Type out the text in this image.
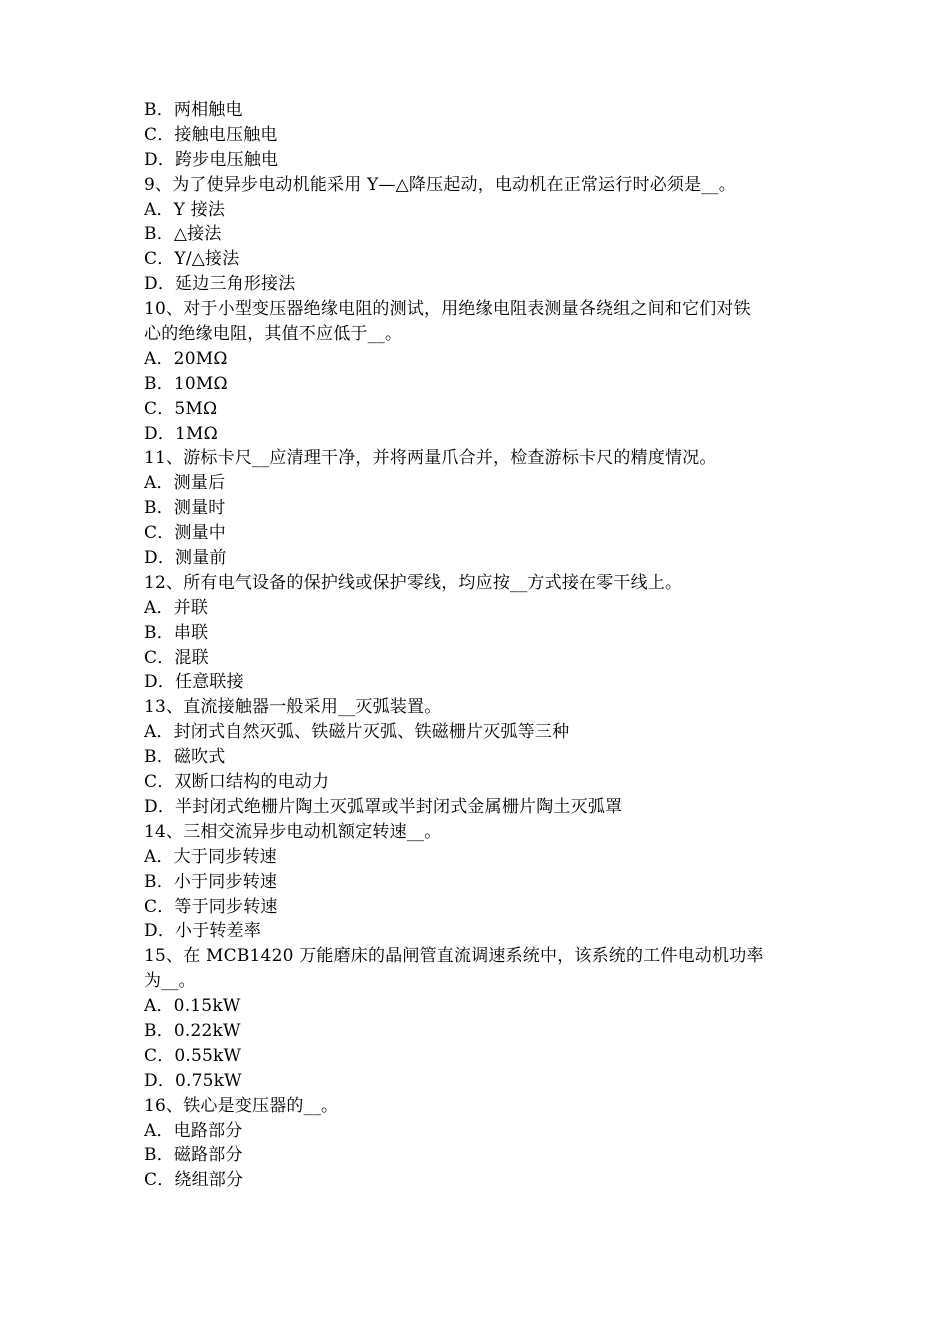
B．两相触电
C．接触电压触电
D．跨步电压触电
9、为了使异步电动机能采用 Y—△降压起动，电动机在正常运行时必须是__。
A．Y 接法
B．△接法
C．Y/△接法
D．延边三角形接法
10、对于小型变压器绝缘电阻的测试，用绝缘电阻表测量各绕组之间和它们对铁
心的绝缘电阻，其值不应低于__。
A．20MΩ
B．10MΩ
C．5MΩ
D．1MΩ
11、游标卡尺__应清理干净，并将两量爪合并，检查游标卡尺的精度情况。
A．测量后
B．测量时
C．测量中
D．测量前
12、所有电气设备的保护线或保护零线，均应按__方式接在零干线上。
A．并联
B．串联
C．混联
D．任意联接
13、直流接触器一般采用__灭弧装置。
A．封闭式自然灭弧、铁磁片灭弧、铁磁栅片灭弧等三种
B．磁吹式
C．双断口结构的电动力
D．半封闭式绝栅片陶土灭弧罩或半封闭式金属栅片陶土灭弧罩
14、三相交流异步电动机额定转速__。
A．大于同步转速
B．小于同步转速
C．等于同步转速
D．小于转差率
15、在 MCB1420 万能磨床的晶闸管直流调速系统中，该系统的工件电动机功率
为__。
A．0.15kW
B．0.22kW
C．0.55kW
D．0.75kW
16、铁心是变压器的__。
A．电路部分
B．磁路部分
C．绕组部分
